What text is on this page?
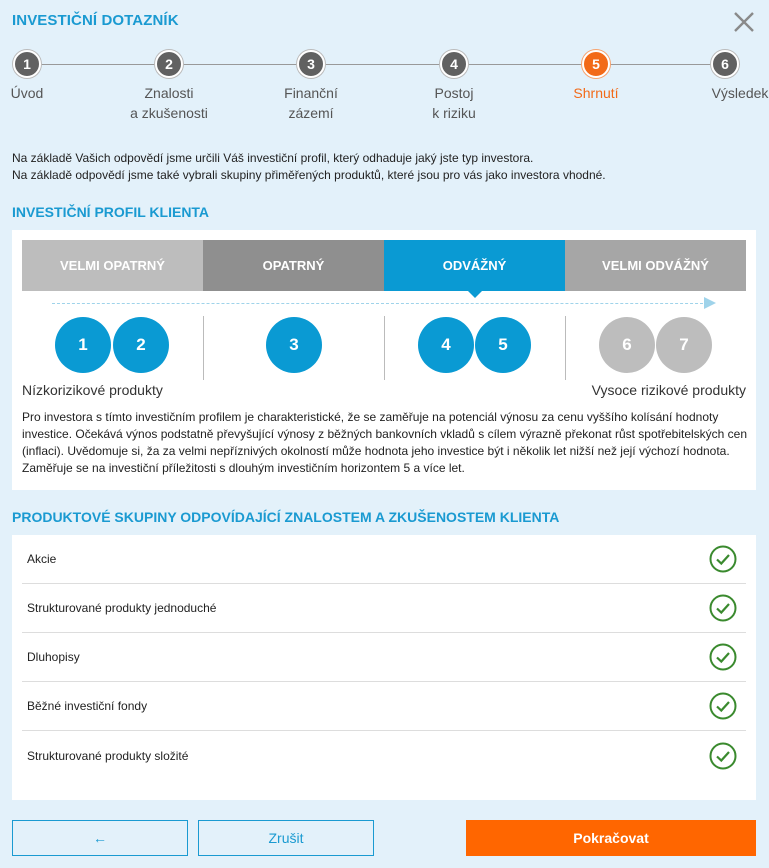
INVESTIČNÍ DOTAZNÍK
1
Úvod
2
Znalosti
a zkušenosti
3
Finanční
zázemí
4
Postoj
k riziku
5
Shrnutí
6
Výsledek
Na základě Vašich odpovědí jsme určili Váš investiční profil, který odhaduje jaký jste typ investora.
Na základě odpovědí jsme také vybrali skupiny přiměřených produktů, které jsou pro vás jako investora vhodné.
INVESTIČNÍ PROFIL KLIENTA
VELMI OPATRNÝ	OPATRNÝ	ODVÁŽNÝ	VELMI ODVÁŽNÝ
1	2	3	4	5	6	7
Nízkorizikové produkty	Vysoce rizikové produkty
Pro investora s tímto investičním profilem je charakteristické, že se zaměřuje na potenciál výnosu za cenu vyššího kolísání hodnoty investice. Očekává výnos podstatně převyšující výnosy z běžných bankovních vkladů s cílem výrazně překonat růst spotřebitelských cen (inflaci). Uvědomuje si, ža za velmi nepříznivých okolností může hodnota jeho investice být i několik let nižší než její výchozí hodnota. Zaměřuje se na investiční příležitosti s dlouhým investičním horizontem 5 a více let.
PRODUKTOVÉ SKUPINY ODPOVÍDAJÍCÍ ZNALOSTEM A ZKUŠENOSTEM KLIENTA
Akcie
Strukturované produkty jednoduché
Dluhopisy
Běžné investiční fondy
Strukturované produkty složité
←	Zrušit	Pokračovat
